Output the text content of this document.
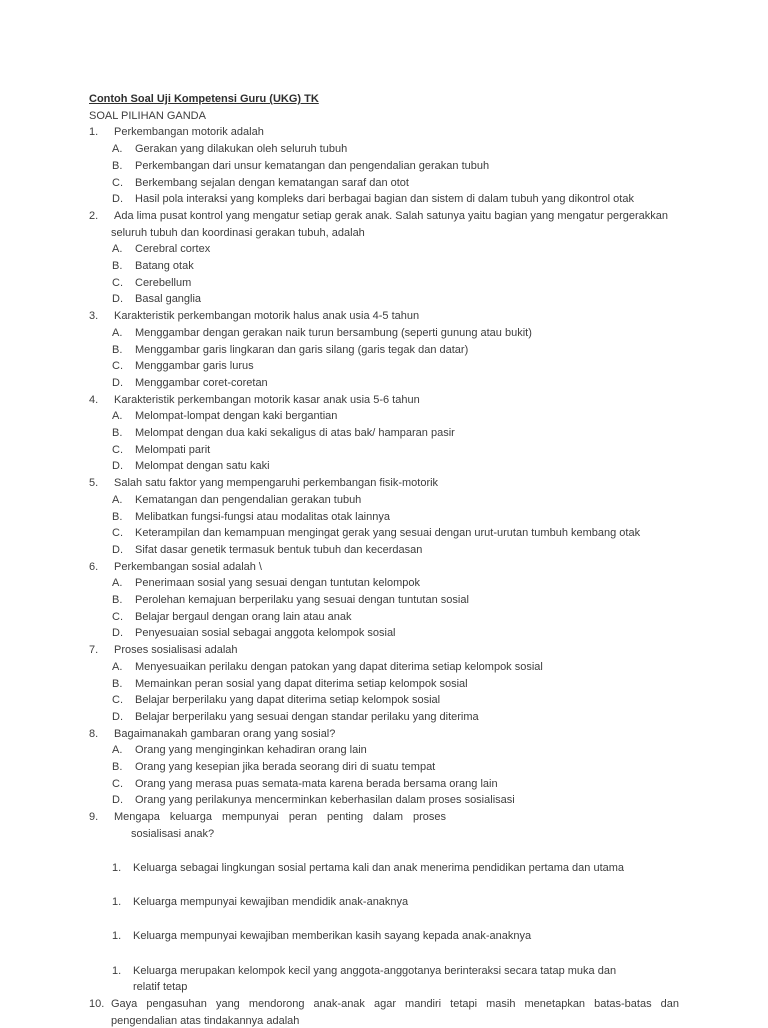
Contoh Soal Uji Kompetensi Guru (UKG) TK
SOAL PILIHAN GANDA
1. Perkembangan motorik adalah
A. Gerakan yang dilakukan oleh seluruh tubuh
B. Perkembangan dari unsur kematangan dan pengendalian gerakan tubuh
C. Berkembang sejalan dengan kematangan saraf dan otot
D. Hasil pola interaksi yang kompleks dari berbagai bagian dan sistem di dalam tubuh yang dikontrol otak
2. Ada lima pusat kontrol yang mengatur setiap gerak anak. Salah satunya yaitu bagian yang mengatur pergerakkan
seluruh tubuh dan koordinasi gerakan tubuh, adalah
A. Cerebral cortex
B. Batang otak
C. Cerebellum
D. Basal ganglia
3. Karakteristik perkembangan motorik halus anak usia 4-5 tahun
A. Menggambar dengan gerakan naik turun bersambung (seperti gunung atau bukit)
B. Menggambar garis lingkaran dan garis silang (garis tegak dan datar)
C. Menggambar garis lurus
D. Menggambar coret-coretan
4. Karakteristik perkembangan motorik kasar anak usia 5-6 tahun
A. Melompat-lompat dengan kaki bergantian
B. Melompat dengan dua kaki sekaligus di atas bak/ hamparan pasir
C. Melompati parit
D. Melompat dengan satu kaki
5. Salah satu faktor yang mempengaruhi perkembangan fisik-motorik
A. Kematangan dan pengendalian gerakan tubuh
B. Melibatkan fungsi-fungsi atau modalitas otak lainnya
C. Keterampilan dan kemampuan mengingat gerak yang sesuai dengan urut-urutan tumbuh kembang otak
D. Sifat dasar genetik termasuk bentuk tubuh dan kecerdasan
6. Perkembangan sosial adalah \
A. Penerimaan sosial yang sesuai dengan tuntutan kelompok
B. Perolehan kemajuan berperilaku yang sesuai dengan tuntutan sosial
C. Belajar bergaul dengan orang lain atau anak
D. Penyesuaian sosial sebagai anggota kelompok sosial
7. Proses sosialisasi adalah
A. Menyesuaikan perilaku dengan patokan yang dapat diterima setiap kelompok sosial
B. Memainkan peran sosial yang dapat diterima setiap kelompok sosial
C. Belajar berperilaku yang dapat diterima setiap kelompok sosial
D. Belajar berperilaku yang sesuai dengan standar perilaku yang diterima
8. Bagaimanakah gambaran orang yang sosial?
A. Orang yang menginginkan kehadiran orang lain
B. Orang yang kesepian jika berada seorang diri di suatu tempat
C. Orang yang merasa puas semata-mata karena berada bersama orang lain
D. Orang yang perilakunya mencerminkan keberhasilan dalam proses sosialisasi
9. Mengapa keluarga mempunyai peran penting dalam proses
sosialisasi anak?
1. Keluarga sebagai lingkungan sosial pertama kali dan anak menerima pendidikan pertama dan utama
1. Keluarga mempunyai kewajiban mendidik anak-anaknya
1. Keluarga mempunyai kewajiban memberikan kasih sayang kepada anak-anaknya
1. Keluarga merupakan kelompok kecil yang anggota-anggotanya berinteraksi secara tatap muka dan
relatif tetap
10. Gaya pengasuhan yang mendorong anak-anak agar mandiri tetapi masih menetapkan batas-batas dan
pengendalian atas tindakannya adalah
